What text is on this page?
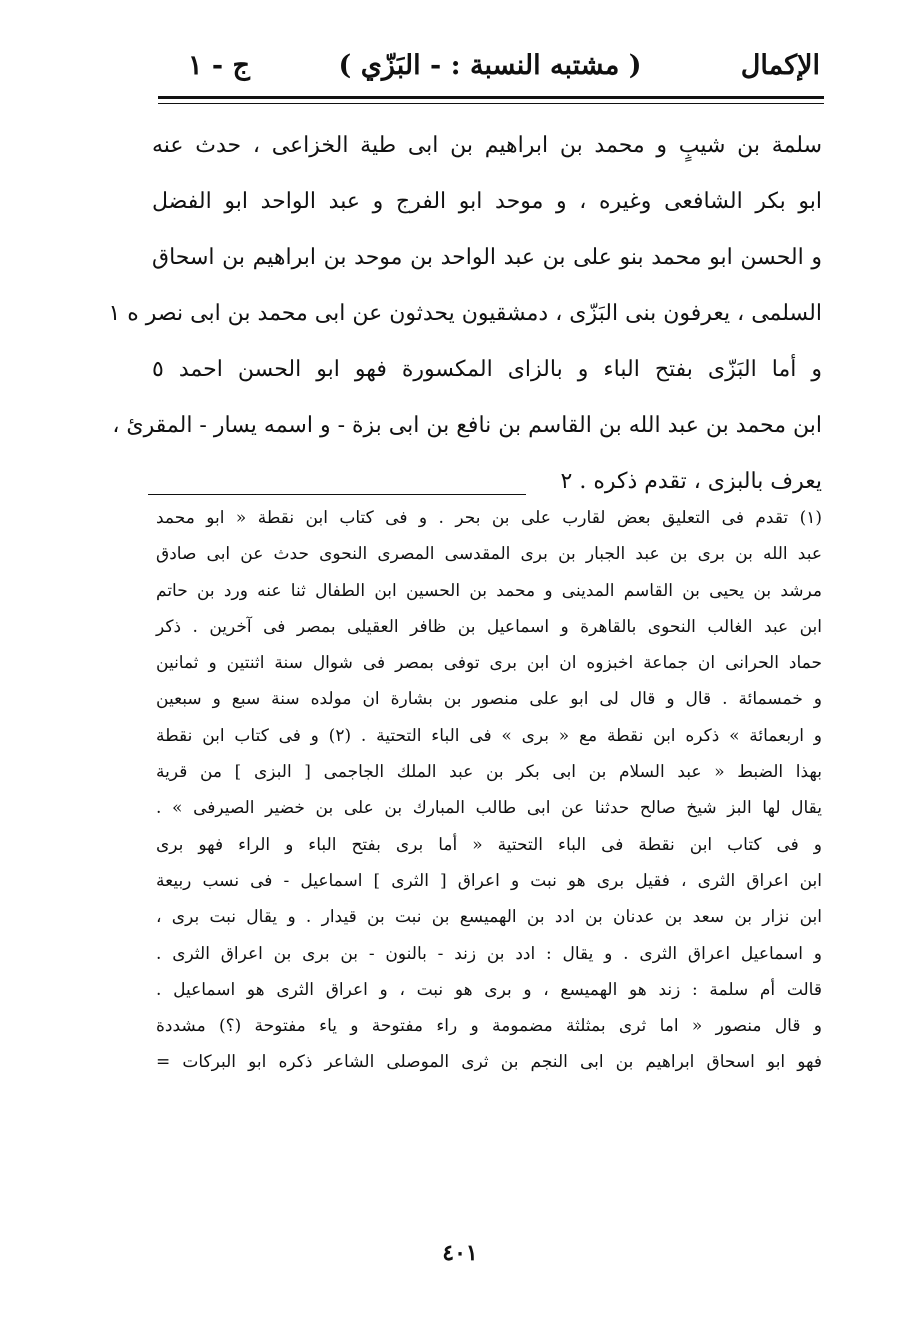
الإكمال
( مشتبه النسبة : - البَزّي )
ج - ١
سلمة بن شيبٍ و محمد بن ابراهيم بن ابى طية الخزاعى ، حدث عنه
ابو بكر الشافعى وغيره ، و موحد ابو الفرج و عبد الواحد ابو الفضل
و الحسن ابو محمد بنو على بن عبد الواحد بن موحد بن ابراهيم بن اسحاق
السلمى ، يعرفون بنى البَزّى ، دمشقيون يحدثون عن ابى محمد بن ابى نصر ه ١
و أما البَزّى بفتح الباء و بالزاى المكسورة فهو ابو الحسن احمد ٥
ابن محمد بن عبد الله بن القاسم بن نافع بن ابى بزة - و اسمه يسار - المقرئ ،
يعرف بالبزى ، تقدم ذكره . ٢
(١) تقدم فى التعليق بعض لقارب على بن بحر . و فى كتاب ابن نقطة « ابو محمد
عبد الله بن برى بن عبد الجبار بن برى المقدسى المصرى النحوى حدث عن ابى صادق
مرشد بن يحيى بن القاسم المدينى و محمد بن الحسين ابن الطفال ثنا عنه ورد بن حاتم
ابن عبد الغالب النحوى بالقاهرة و اسماعيل بن ظافر العقيلى بمصر فى آخرين . ذكر
حماد الحرانى ان جماعة اخبزوه ان ابن برى توفى بمصر فى شوال سنة اثنتين و ثمانين
و خمسمائة . قال و قال لى ابو على منصور بن بشارة ان مولده سنة سبع و سبعين
و اربعمائة » ذكره ابن نقطة مع « برى » فى الباء التحتية . (٢) و فى كتاب ابن نقطة
بهذا الضبط « عبد السلام بن ابى بكر بن عبد الملك الجاجمى [ البزى ] من قرية
يقال لها البز شيخ صالح حدثنا عن ابى طالب المبارك بن على بن خضير الصيرفى » .
و فى كتاب ابن نقطة فى الباء التحتية « أما برى بفتح الباء و الراء فهو برى
ابن اعراق الثرى ، فقيل برى هو نبت و اعراق [ الثرى ] اسماعيل - فى نسب ربيعة
ابن نزار بن سعد بن عدنان بن ادد بن الهميسع بن نبت بن قيدار . و يقال نبت برى ،
و اسماعيل اعراق الثرى . و يقال : ادد بن زند - بالنون - بن برى بن اعراق الثرى .
قالت أم سلمة : زند هو الهميسع ، و برى هو نبت ، و اعراق الثرى هو اسماعيل .
و قال منصور « اما ثرى بمثلثة مضمومة و راء مفتوحة و ياء مفتوحة (؟) مشددة
فهو ابو اسحاق ابراهيم بن ابى النجم بن ثرى الموصلى الشاعر ذكره ابو البركات =
٤٠١
